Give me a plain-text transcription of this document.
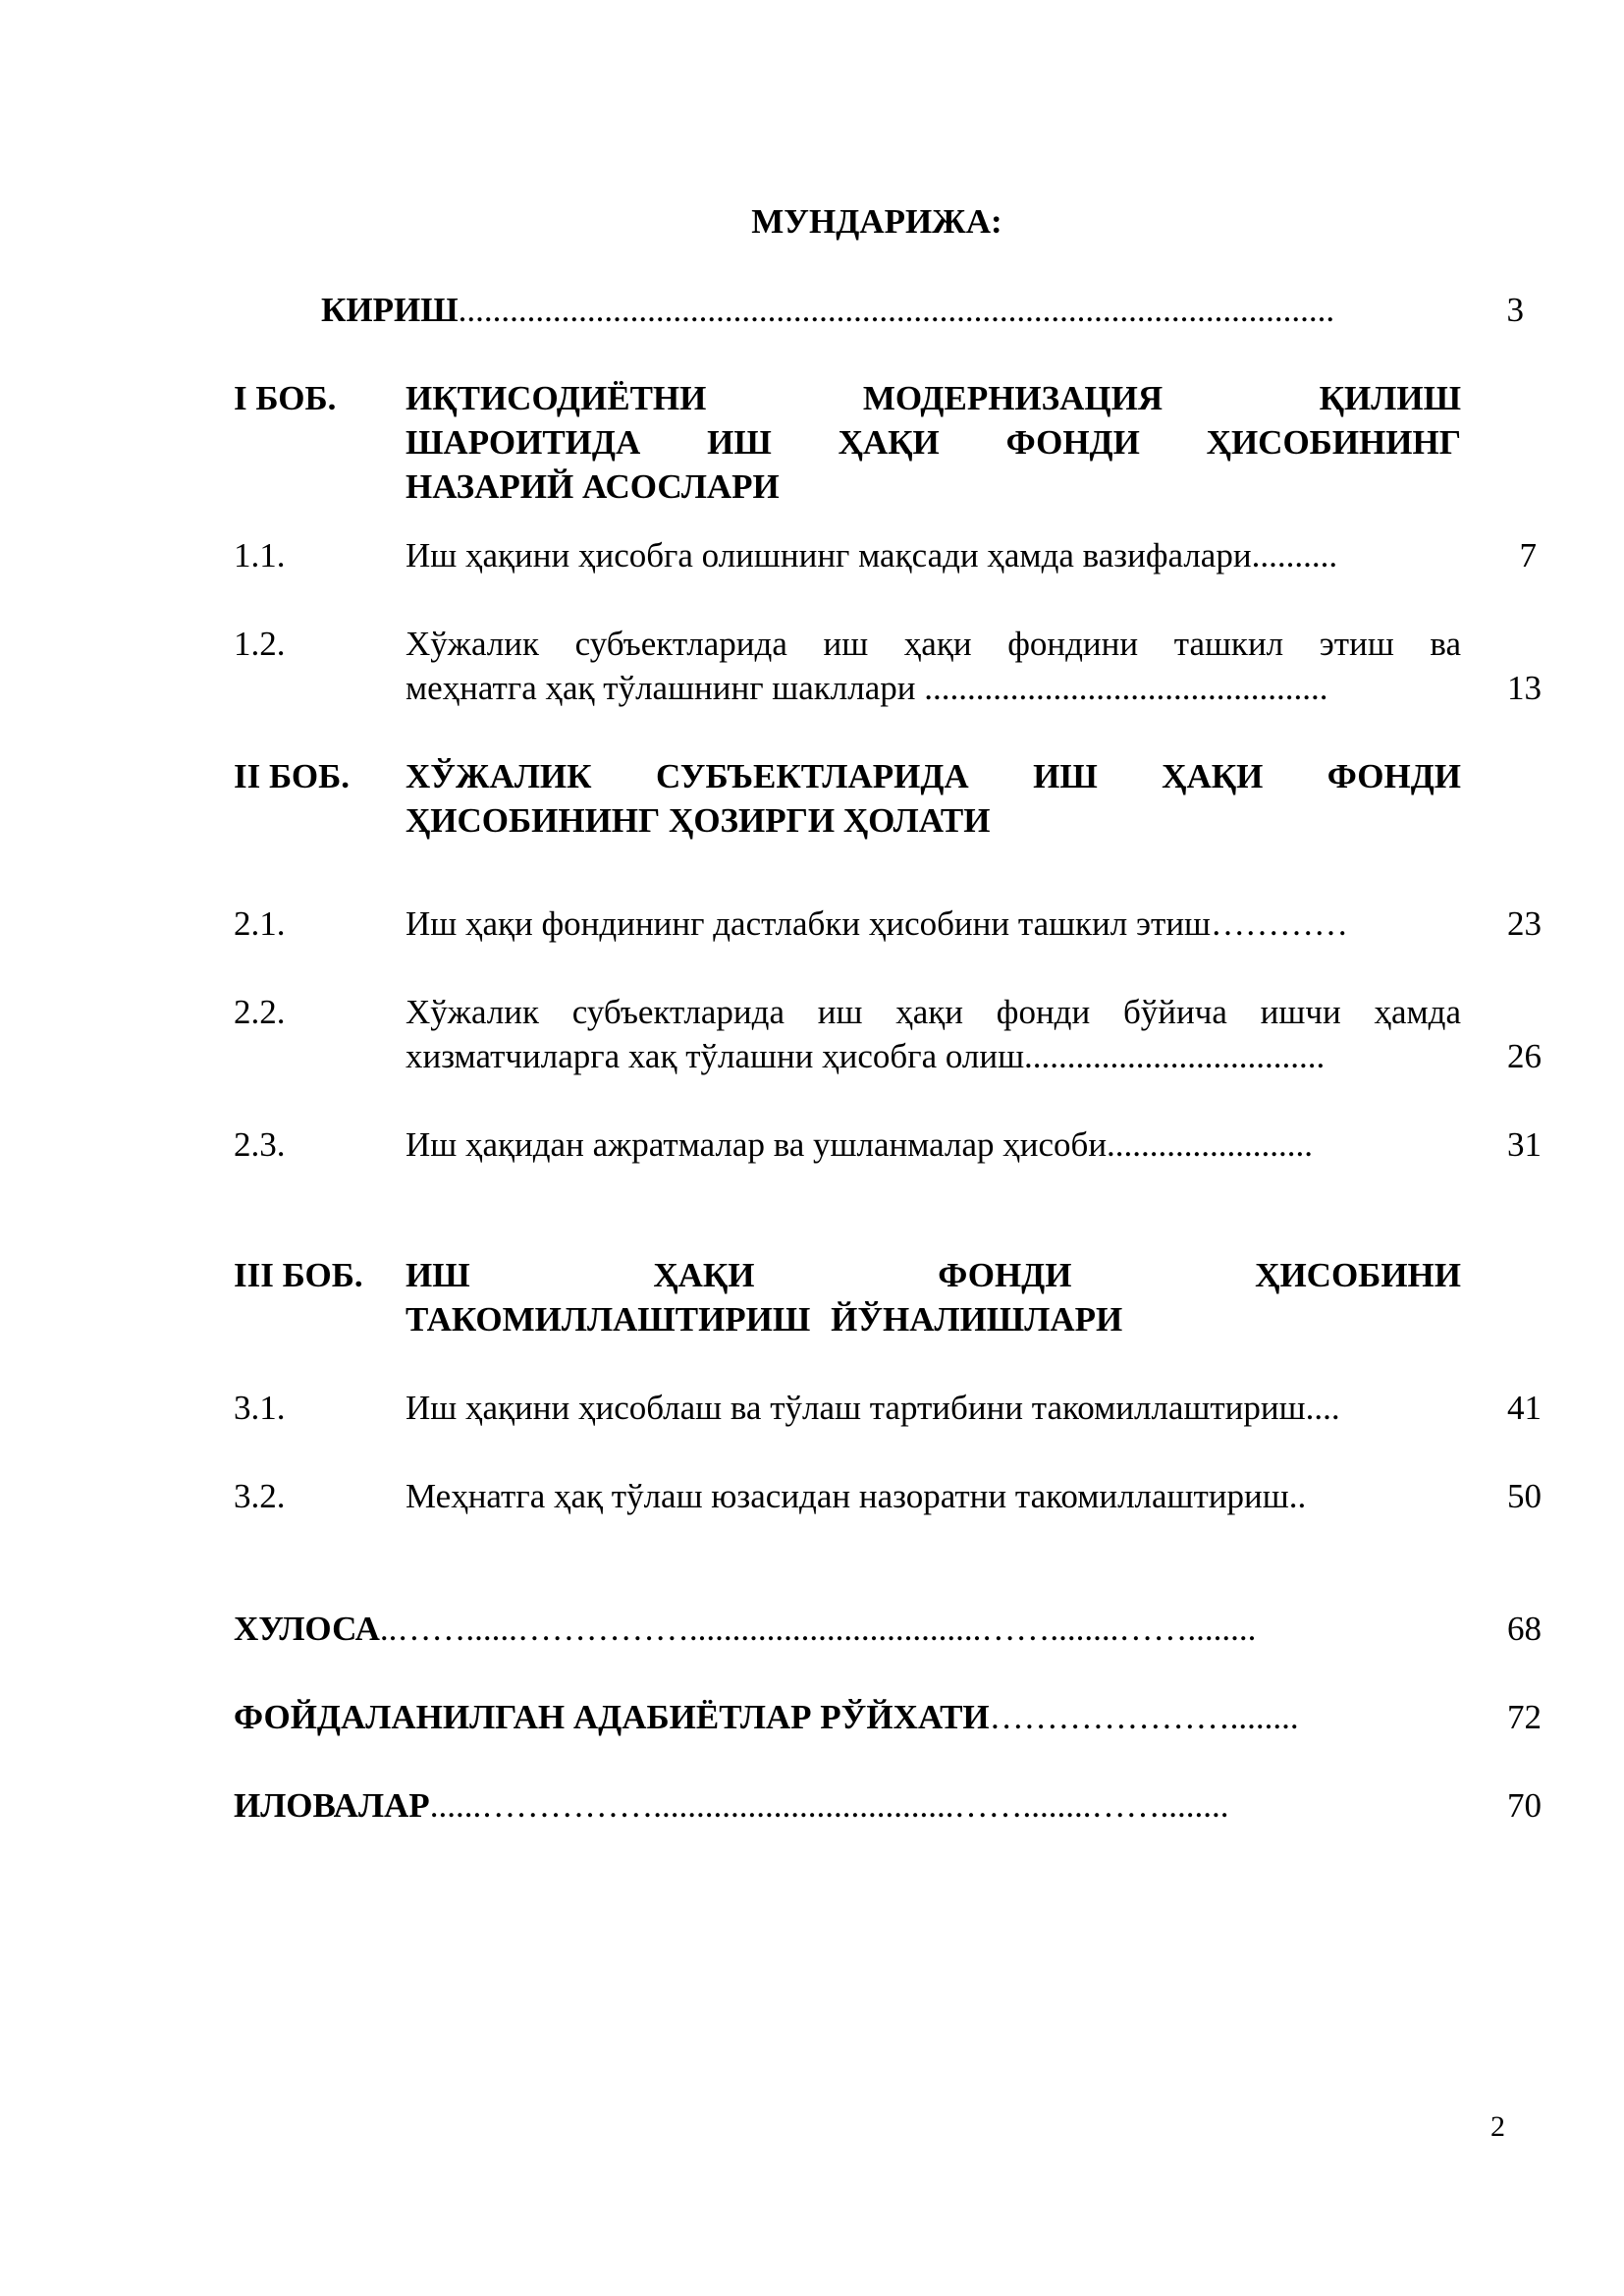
МУНДАРИЖА:
КИРИШ ......................................................................................................	3
I БОБ. ИҚТИСОДИЁТНИ МОДЕРНИЗАЦИЯ ҚИЛИШ
ШАРОИТИДА ИШ ҲАҚИ ФОНДИ ҲИСОБИНИНГ
НАЗАРИЙ АСОСЛАРИ
1.1.	Иш ҳақини ҳисобга олишнинг мақсади ҳамда вазифалари..........	7
1.2.	Хўжалик субъектларида иш ҳақи фондини ташкил этиш ва
меҳнатга ҳақ тўлашнинг шакллари ...............................................	13
II БОБ. ХЎЖАЛИК СУБЪЕКТЛАРИДА ИШ ҲАҚИ ФОНДИ
ҲИСОБИНИНГ ҲОЗИРГИ ҲОЛАТИ
2.1.	Иш ҳақи фондининг дастлабки ҳисобини ташкил этиш…………	23
2.2.	Хўжалик субъектларида иш ҳақи фонди бўйича ишчи ҳамда
хизматчиларга хақ тўлашни ҳисобга олиш...................................	26
2.3.	Иш ҳақидан ажратмалар ва ушланмалар ҳисоби........................	31
III БОБ. ИШ ҲАҚИ ФОНДИ ҲИСОБИНИ
ТАКОМИЛЛАШТИРИШ ЙЎНАЛИШЛАРИ
3.1.	Иш ҳақини ҳисоблаш ва тўлаш тартибини такомиллаштириш....	41
3.2.	Меҳнатга ҳақ тўлаш юзасидан назоратни такомиллаштириш..	50
ХУЛОСА ..……......……………..................................……........……........	68
ФОЙДАЛАНИЛГАН АДАБИЁТЛАР РЎЙХАТИ …………………........	72
ИЛОВАЛАР ......……………...................................……........……........	70
2
